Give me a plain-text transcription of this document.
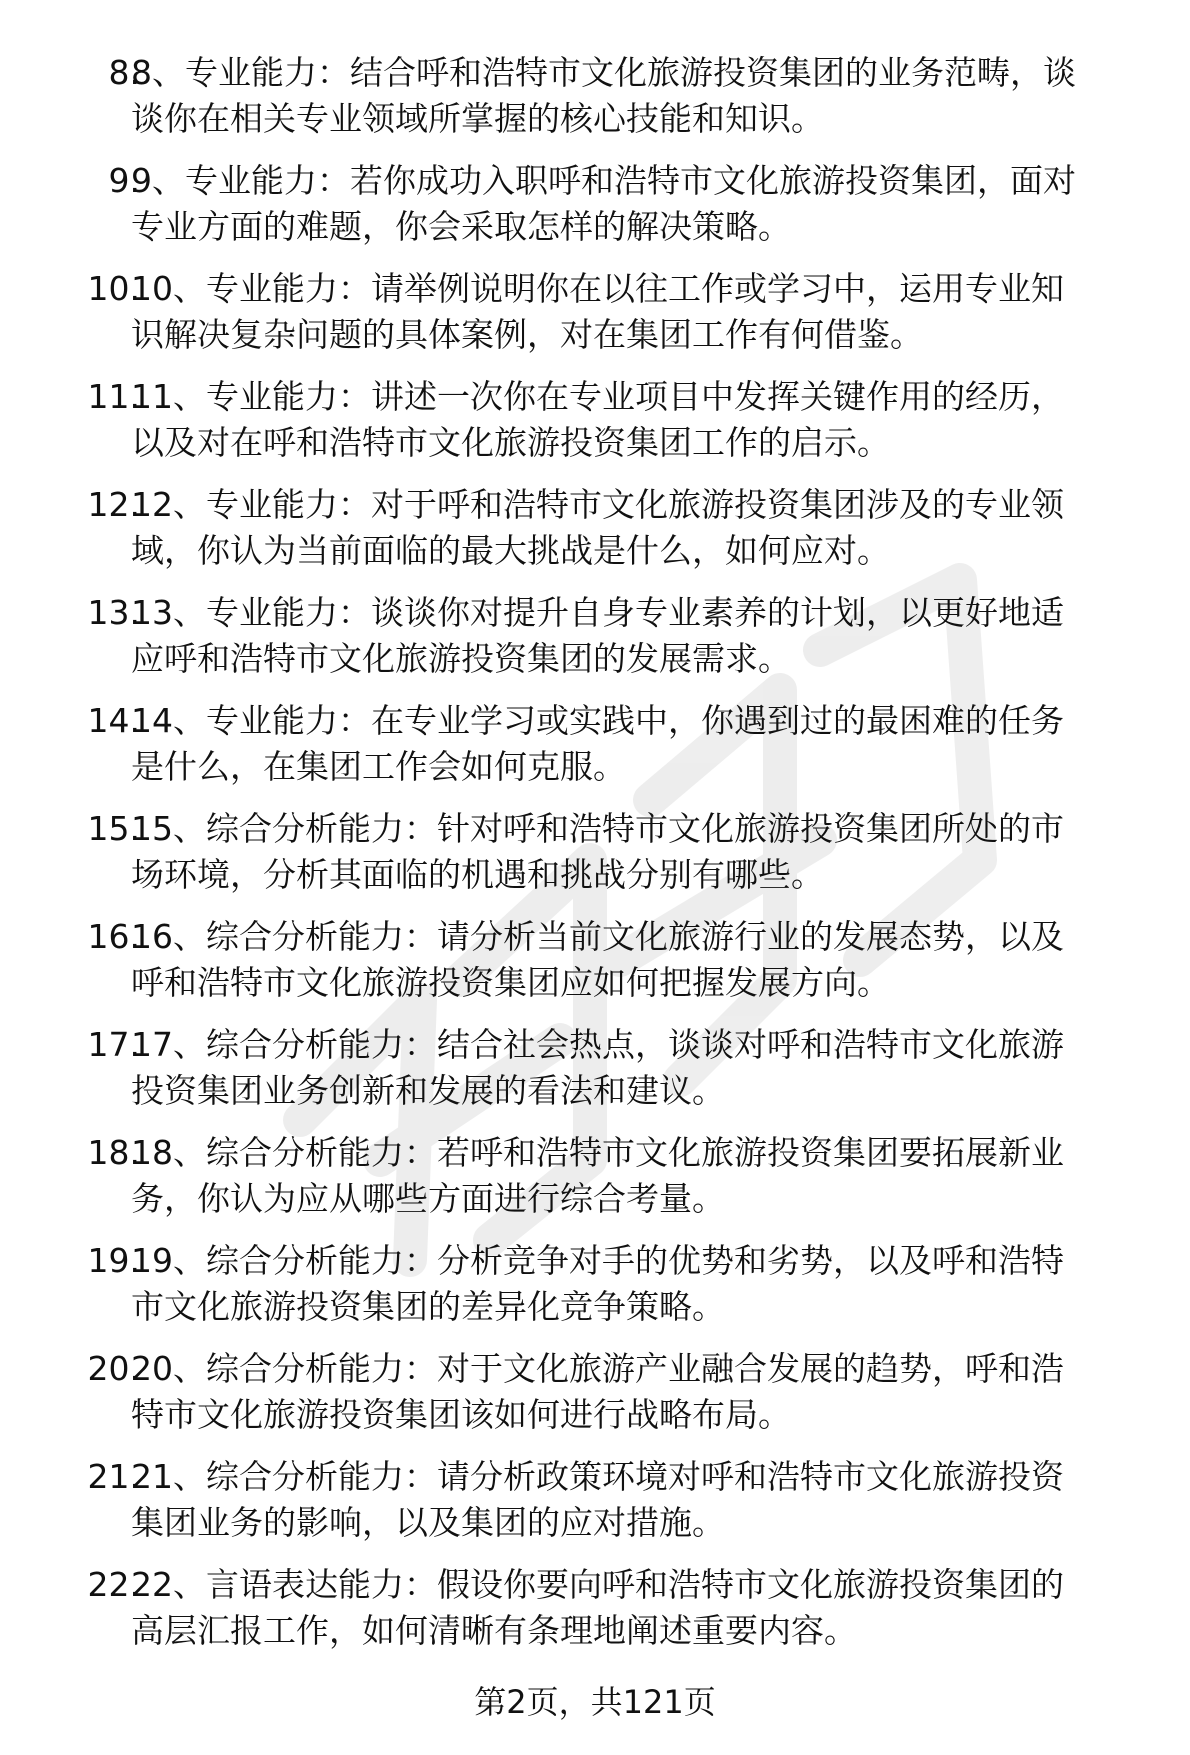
8.
8、专业能力：结合呼和浩特市文化旅游投资集团的业务范畴，谈
谈你在相关专业领域所掌握的核心技能和知识。
9.
9、专业能力：若你成功入职呼和浩特市文化旅游投资集团，面对
专业方面的难题，你会采取怎样的解决策略。
10.
10、专业能力：请举例说明你在以往工作或学习中，运用专业知
识解决复杂问题的具体案例，对在集团工作有何借鉴。
11.
11、专业能力：讲述一次你在专业项目中发挥关键作用的经历，
以及对在呼和浩特市文化旅游投资集团工作的启示。
12.
12、专业能力：对于呼和浩特市文化旅游投资集团涉及的专业领
域，你认为当前面临的最大挑战是什么，如何应对。
13.
13、专业能力：谈谈你对提升自身专业素养的计划，以更好地适
应呼和浩特市文化旅游投资集团的发展需求。
14.
14、专业能力：在专业学习或实践中，你遇到过的最困难的任务
是什么，在集团工作会如何克服。
15.
15、综合分析能力：针对呼和浩特市文化旅游投资集团所处的市
场环境，分析其面临的机遇和挑战分别有哪些。
16.
16、综合分析能力：请分析当前文化旅游行业的发展态势，以及
呼和浩特市文化旅游投资集团应如何把握发展方向。
17.
17、综合分析能力：结合社会热点，谈谈对呼和浩特市文化旅游
投资集团业务创新和发展的看法和建议。
18.
18、综合分析能力：若呼和浩特市文化旅游投资集团要拓展新业
务，你认为应从哪些方面进行综合考量。
19.
19、综合分析能力：分析竞争对手的优势和劣势，以及呼和浩特
市文化旅游投资集团的差异化竞争策略。
20.
20、综合分析能力：对于文化旅游产业融合发展的趋势，呼和浩
特市文化旅游投资集团该如何进行战略布局。
21.
21、综合分析能力：请分析政策环境对呼和浩特市文化旅游投资
集团业务的影响，以及集团的应对措施。
22.
22、言语表达能力：假设你要向呼和浩特市文化旅游投资集团的
高层汇报工作，如何清晰有条理地阐述重要内容。
第2页，共121页
